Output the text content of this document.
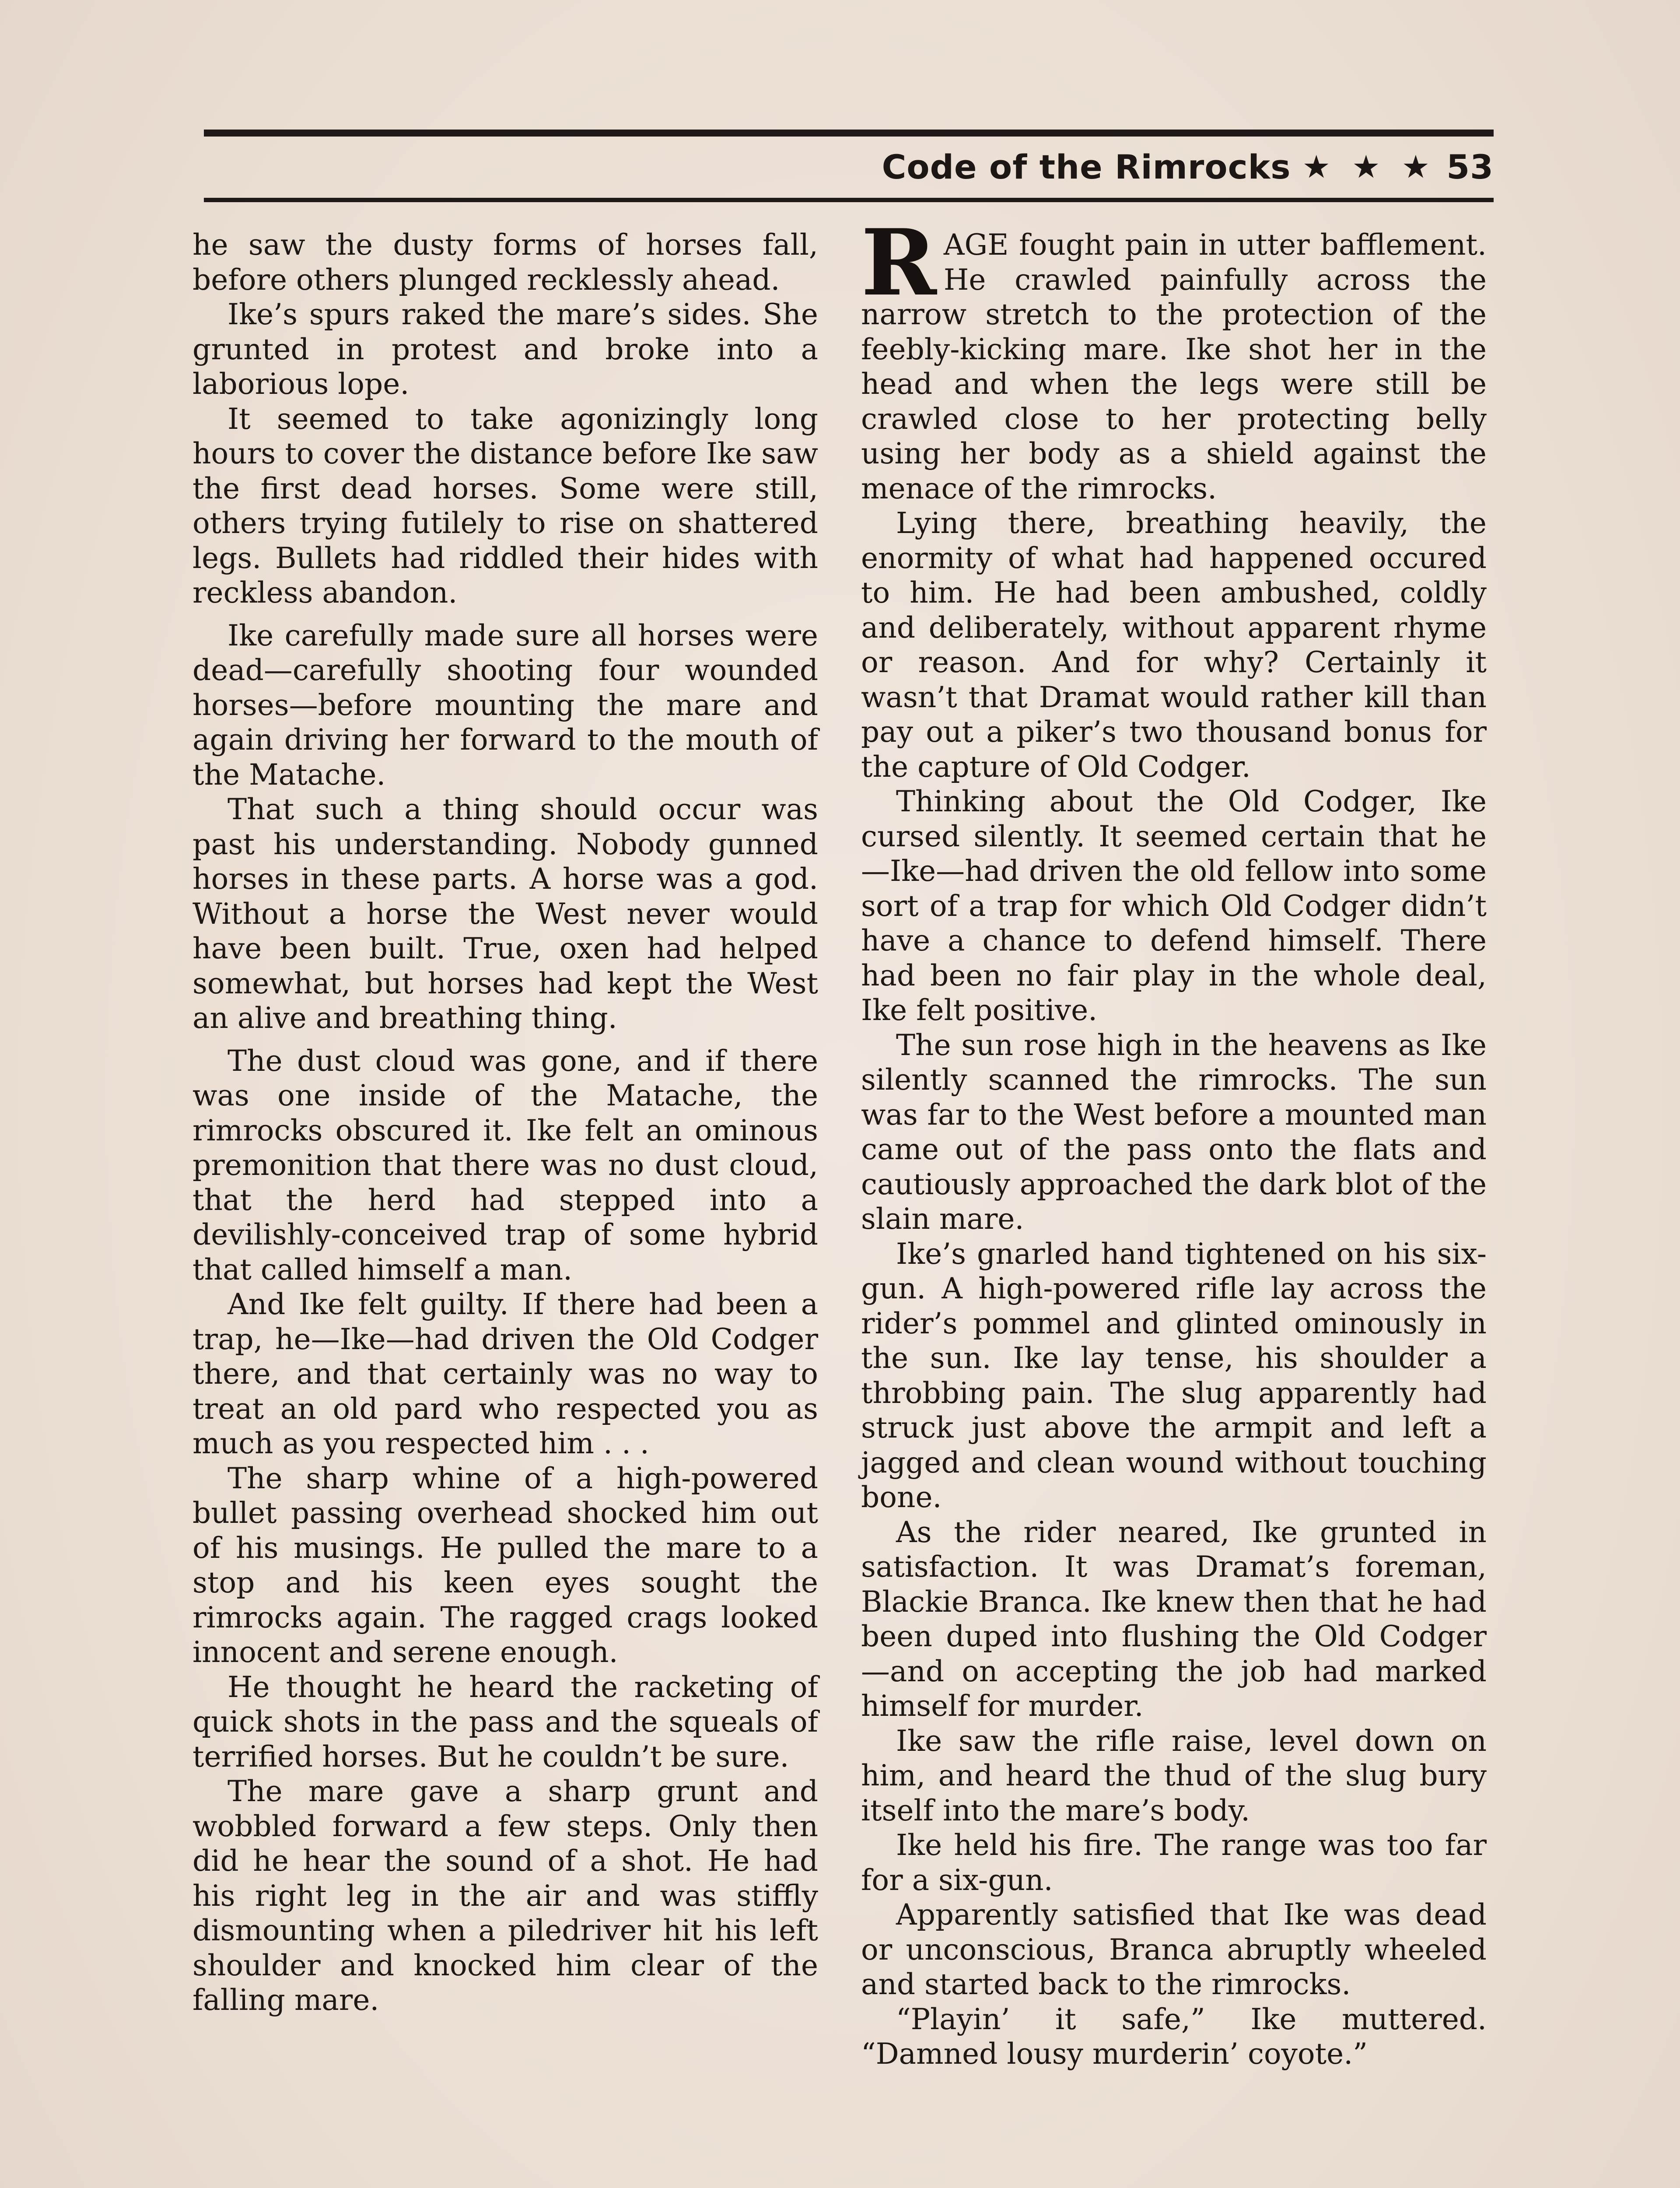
Code of the Rimrocks ★ ★ ★ 53

he saw the dusty forms of horses fall, before others plunged recklessly ahead.

Ike’s spurs raked the mare’s sides. She grunted in protest and broke into a laborious lope.

It seemed to take agonizingly long hours to cover the distance before Ike saw the first dead horses. Some were still, others trying futilely to rise on shattered legs. Bullets had riddled their hides with reckless abandon.

Ike carefully made sure all horses were dead—carefully shooting four wounded horses—before mounting the mare and again driving her forward to the mouth of the Matache.

That such a thing should occur was past his understanding. Nobody gunned horses in these parts. A horse was a god. Without a horse the West never would have been built. True, oxen had helped somewhat, but horses had kept the West an alive and breathing thing.

The dust cloud was gone, and if there was one inside of the Matache, the rimrocks obscured it. Ike felt an ominous premonition that there was no dust cloud, that the herd had stepped into a devilishly-conceived trap of some hybrid that called himself a man.

And Ike felt guilty. If there had been a trap, he—Ike—had driven the Old Codger there, and that certainly was no way to treat an old pard who respected you as much as you respected him . . .

The sharp whine of a high-powered bullet passing overhead shocked him out of his musings. He pulled the mare to a stop and his keen eyes sought the rimrocks again. The ragged crags looked innocent and serene enough.

He thought he heard the racketing of quick shots in the pass and the squeals of terrified horses. But he couldn’t be sure.

The mare gave a sharp grunt and wobbled forward a few steps. Only then did he hear the sound of a shot. He had his right leg in the air and was stiffly dismounting when a piledriver hit his left shoulder and knocked him clear of the falling mare.

RAGE fought pain in utter bafflement. He crawled painfully across the narrow stretch to the protection of the feebly-kicking mare. Ike shot her in the head and when the legs were still be crawled close to her protecting belly using her body as a shield against the menace of the rimrocks.

Lying there, breathing heavily, the enormity of what had happened occured to him. He had been ambushed, coldly and deliberately, without apparent rhyme or reason. And for why? Certainly it wasn’t that Dramat would rather kill than pay out a piker’s two thousand bonus for the capture of Old Codger.

Thinking about the Old Codger, Ike cursed silently. It seemed certain that he—Ike—had driven the old fellow into some sort of a trap for which Old Codger didn’t have a chance to defend himself. There had been no fair play in the whole deal, Ike felt positive.

The sun rose high in the heavens as Ike silently scanned the rimrocks. The sun was far to the West before a mounted man came out of the pass onto the flats and cautiously approached the dark blot of the slain mare.

Ike’s gnarled hand tightened on his six-gun. A high-powered rifle lay across the rider’s pommel and glinted ominously in the sun. Ike lay tense, his shoulder a throbbing pain. The slug apparently had struck just above the armpit and left a jagged and clean wound without touching bone.

As the rider neared, Ike grunted in satisfaction. It was Dramat’s foreman, Blackie Branca. Ike knew then that he had been duped into flushing the Old Codger—and on accepting the job had marked himself for murder.

Ike saw the rifle raise, level down on him, and heard the thud of the slug bury itself into the mare’s body.

Ike held his fire. The range was too far for a six-gun.

Apparently satisfied that Ike was dead or unconscious, Branca abruptly wheeled and started back to the rimrocks.

“Playin’ it safe,” Ike muttered. “Damned lousy murderin’ coyote.”
